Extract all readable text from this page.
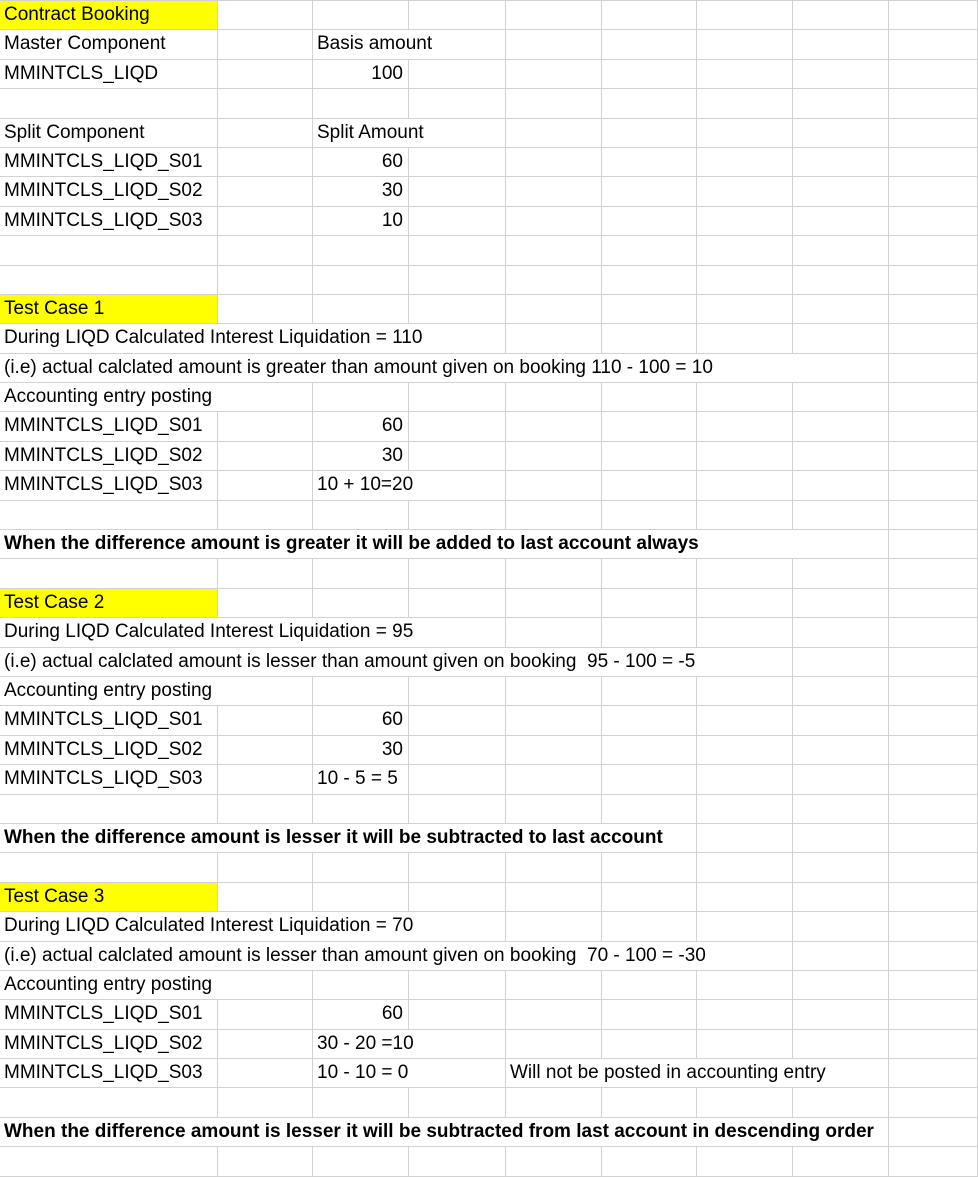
Contract Booking
Master Component	Basis amount
MMINTCLS_LIQD	100
Split Component	Split Amount
MMINTCLS_LIQD_S01	60
MMINTCLS_LIQD_S02	30
MMINTCLS_LIQD_S03	10
Test Case 1
During LIQD Calculated Interest Liquidation = 110
(i.e) actual calclated amount is greater than amount given on booking 110 - 100 = 10
Accounting entry posting
MMINTCLS_LIQD_S01	60
MMINTCLS_LIQD_S02	30
MMINTCLS_LIQD_S03	10 + 10=20
When the difference amount is greater it will be added to last account always
Test Case 2
During LIQD Calculated Interest Liquidation = 95
(i.e) actual calclated amount is lesser than amount given on booking  95 - 100 = -5
Accounting entry posting
MMINTCLS_LIQD_S01	60
MMINTCLS_LIQD_S02	30
MMINTCLS_LIQD_S03	10 - 5 = 5
When the difference amount is lesser it will be subtracted to last account
Test Case 3
During LIQD Calculated Interest Liquidation = 70
(i.e) actual calclated amount is lesser than amount given on booking  70 - 100 = -30
Accounting entry posting
MMINTCLS_LIQD_S01	60
MMINTCLS_LIQD_S02	30 - 20 =10
MMINTCLS_LIQD_S03	10 - 10 = 0	Will not be posted in accounting entry
When the difference amount is lesser it will be subtracted from last account in descending order
